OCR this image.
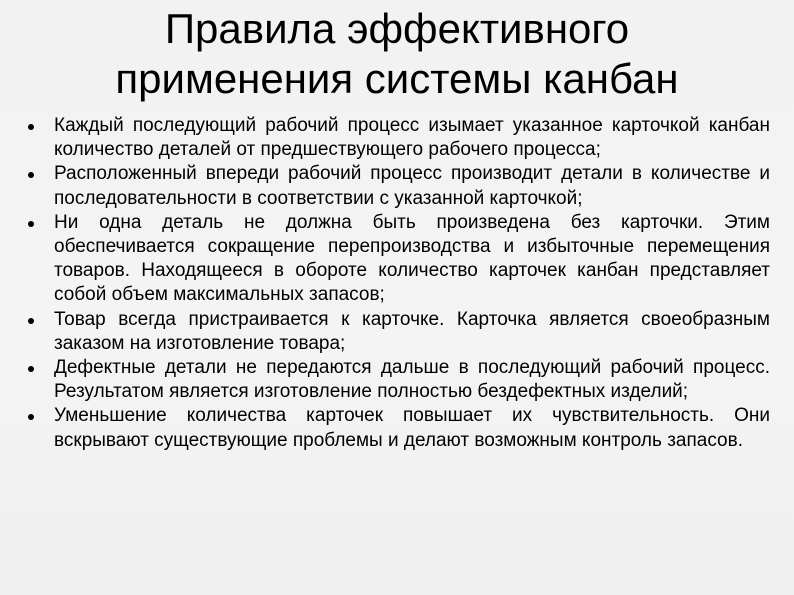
Правила эффективного применения системы канбан
Каждый последующий рабочий процесс изымает указанное карточкой канбан количество деталей от предшествующего рабочего процесса;
Расположенный впереди рабочий процесс производит детали в количестве и последовательности в соответствии с указанной карточкой;
Ни одна деталь не должна быть произведена без карточки. Этим обеспечивается сокращение перепроизводства и избыточные перемещения товаров. Находящееся в обороте количество карточек канбан представляет собой объем максимальных запасов;
Товар всегда пристраивается к карточке. Карточка является своеобразным заказом на изготовление товара;
Дефектные детали не передаются дальше в последующий рабочий процесс. Результатом является изготовление полностью бездефектных изделий;
Уменьшение количества карточек повышает их чувствительность. Они вскрывают существующие проблемы и делают возможным контроль запасов.
